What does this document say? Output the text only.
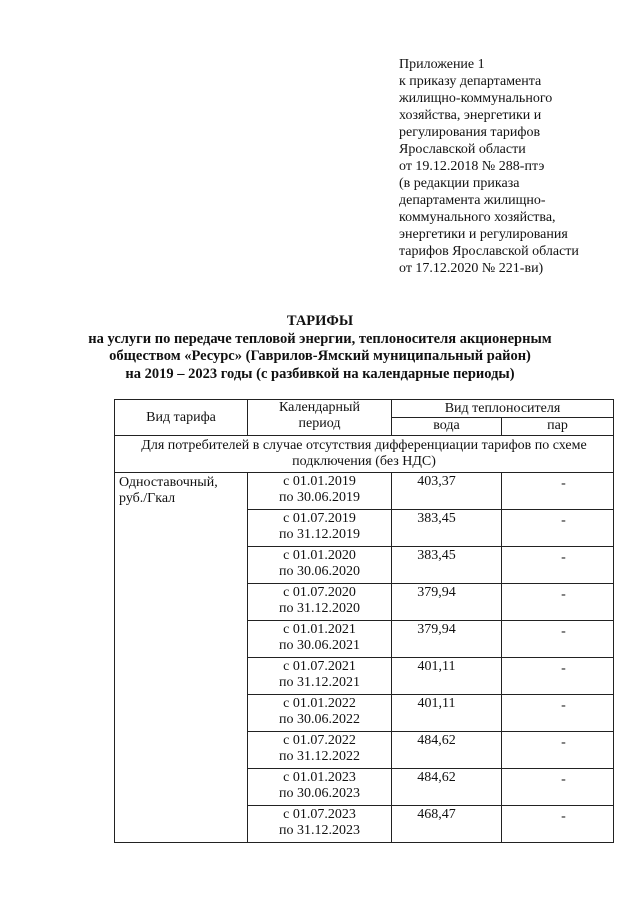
Приложение 1
к приказу департамента
жилищно-коммунального
хозяйства, энергетики и
регулирования тарифов
Ярославской области
от 19.12.2018 № 288-птэ
(в редакции приказа
департамента жилищно-
коммунального хозяйства,
энергетики и регулирования
тарифов Ярославской области
от 17.12.2020 № 221-ви)
ТАРИФЫ
на услуги по передаче тепловой энергии, теплоносителя акционерным
обществом «Ресурс» (Гаврилов-Ямский муниципальный район)
на 2019 – 2023 годы (с разбивкой на календарные периоды)
Вид тарифа	Календарный
период	Вид теплоносителя	
		вода	пар
Для потребителей в случае отсутствия дифференциации тарифов по схеме подключения (без НДС)			
Одноставочный, руб./Гкал	с 01.01.2019
по 30.06.2019	403,37	-

	с 01.07.2019
по 31.12.2019	383,45	-

	с 01.01.2020
по 30.06.2020	383,45	-

	с 01.07.2020
по 31.12.2020	379,94	-

	с 01.01.2021
по 30.06.2021	379,94	-

	с 01.07.2021
по 31.12.2021	401,11	-

	с 01.01.2022
по 30.06.2022	401,11	-

	с 01.07.2022
по 31.12.2022	484,62	-

	с 01.01.2023
по 30.06.2023	484,62	-

	с 01.07.2023
по 31.12.2023	468,47	-
